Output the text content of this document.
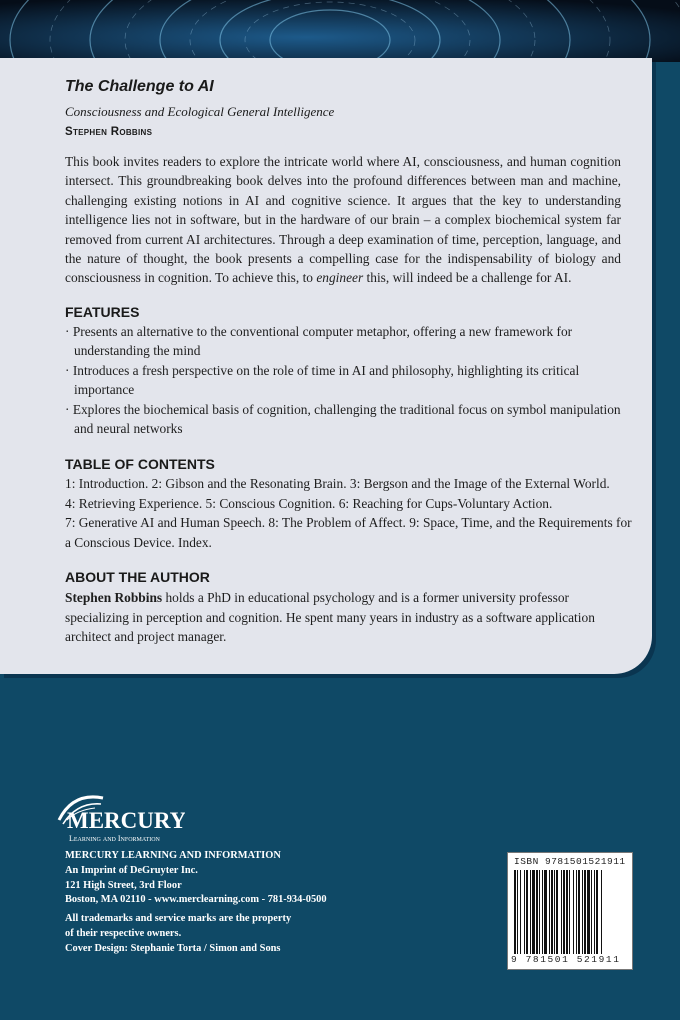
The Challenge to AI

Consciousness and Ecological General Intelligence

Stephen Robbins

This book invites readers to explore the intricate world where AI, consciousness, and human cognition intersect. This groundbreaking book delves into the profound differences between man and machine, challenging existing notions in AI and cognitive science. It argues that the key to understanding intelligence lies not in software, but in the hardware of our brain – a complex biochemical system far removed from current AI architectures. Through a deep examination of time, perception, language, and the nature of thought, the book presents a compelling case for the indispensability of biology and consciousness in cognition. To achieve this, to engineer this, will indeed be a challenge for AI.

FEATURES

· Presents an alternative to the conventional computer metaphor, offering a new framework for understanding the mind
· Introduces a fresh perspective on the role of time in AI and philosophy, highlighting its critical importance
· Explores the biochemical basis of cognition, challenging the traditional focus on symbol manipulation and neural networks

TABLE OF CONTENTS

1: Introduction. 2: Gibson and the Resonating Brain. 3: Bergson and the Image of the External World.
4: Retrieving Experience. 5: Conscious Cognition. 6: Reaching for Cups-Voluntary Action.
7: Generative AI and Human Speech. 8: The Problem of Affect. 9: Space, Time, and the Requirements for a Conscious Device. Index.

ABOUT THE AUTHOR

Stephen Robbins holds a PhD in educational psychology and is a former university professor specializing in perception and cognition. He spent many years in industry as a software application architect and project manager.

MERCURY
Learning and Information
MERCURY LEARNING AND INFORMATION
An Imprint of DeGruyter Inc.
121 High Street, 3rd Floor
Boston, MA 02110 - www.merclearning.com - 781-934-0500
All trademarks and service marks are the property
of their respective owners.
Cover Design: Stephanie Torta / Simon and Sons
ISBN 9781501521911
9 781501 521911
